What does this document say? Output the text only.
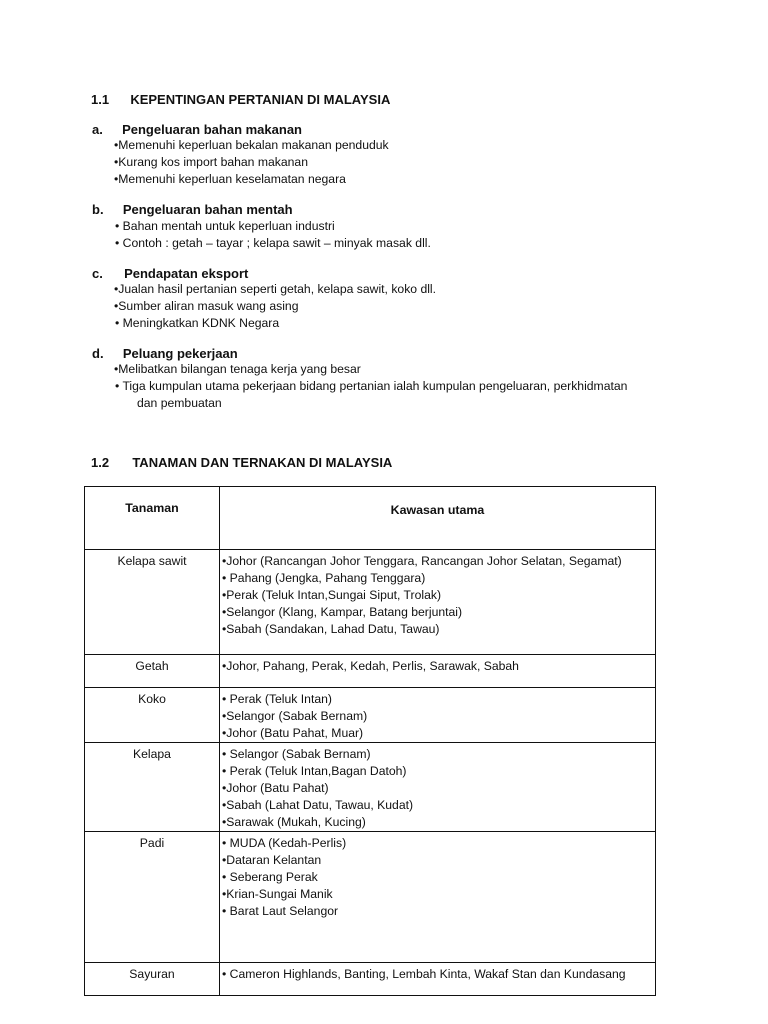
1.1 KEPENTINGAN PERTANIAN DI MALAYSIA
a. Pengeluaran bahan makanan
•Memenuhi keperluan bekalan makanan penduduk
•Kurang kos import bahan makanan
•Memenuhi keperluan keselamatan negara
b. Pengeluaran bahan mentah
• Bahan mentah untuk keperluan industri
• Contoh : getah – tayar ; kelapa sawit – minyak masak dll.
c. Pendapatan eksport
•Jualan hasil pertanian seperti getah, kelapa sawit, koko dll.
•Sumber aliran masuk wang asing
• Meningkatkan KDNK Negara
d. Peluang pekerjaan
•Melibatkan bilangan tenaga kerja yang besar
• Tiga kumpulan utama pekerjaan bidang pertanian ialah kumpulan pengeluaran, perkhidmatan
dan pembuatan
1.2 TANAMAN DAN TERNAKAN DI MALAYSIA
Tanaman	Kawasan utama

Kelapa sawit	•Johor (Rancangan Johor Tenggara, Rancangan Johor Selatan, Segamat)
• Pahang (Jengka, Pahang Tenggara)
•Perak (Teluk Intan,Sungai Siput, Trolak)
•Selangor (Klang, Kampar, Batang berjuntai)
•Sabah (Sandakan, Lahad Datu, Tawau)

Getah	•Johor, Pahang, Perak, Kedah, Perlis, Sarawak, Sabah

Koko	• Perak (Teluk Intan)
•Selangor (Sabak Bernam)
•Johor (Batu Pahat, Muar)

Kelapa	• Selangor (Sabak Bernam)
• Perak (Teluk Intan,Bagan Datoh)
•Johor (Batu Pahat)
•Sabah (Lahat Datu, Tawau, Kudat)
•Sarawak (Mukah, Kucing)

Padi	• MUDA (Kedah-Perlis)
•Dataran Kelantan
• Seberang Perak
•Krian-Sungai Manik
• Barat Laut Selangor

Sayuran	• Cameron Highlands, Banting, Lembah Kinta, Wakaf Stan dan Kundasang
